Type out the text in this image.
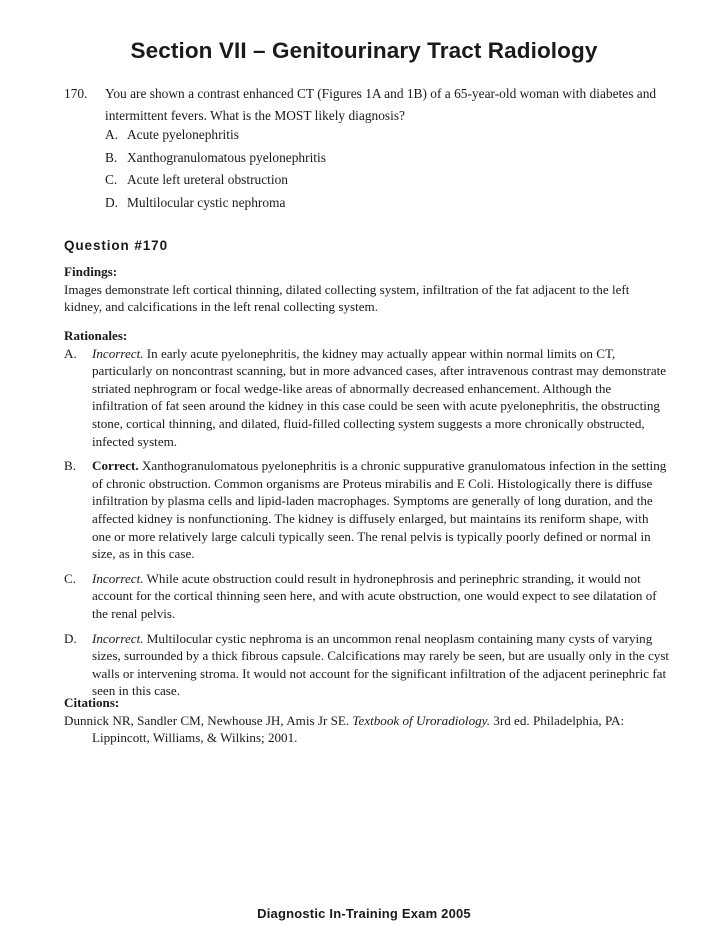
Section VII – Genitourinary Tract Radiology
170. You are shown a contrast enhanced CT (Figures 1A and 1B) of a 65-year-old woman with diabetes and intermittent fevers. What is the MOST likely diagnosis?
A. Acute pyelonephritis
B. Xanthogranulomatous pyelonephritis
C. Acute left ureteral obstruction
D. Multilocular cystic nephroma
Question #170
Findings:
Images demonstrate left cortical thinning, dilated collecting system, infiltration of the fat adjacent to the left kidney, and calcifications in the left renal collecting system.
Rationales:
A. Incorrect. In early acute pyelonephritis, the kidney may actually appear within normal limits on CT, particularly on noncontrast scanning, but in more advanced cases, after intravenous contrast may demonstrate striated nephrogram or focal wedge-like areas of abnormally decreased enhancement. Although the infiltration of fat seen around the kidney in this case could be seen with acute pyelonephritis, the obstructing stone, cortical thinning, and dilated, fluid-filled collecting system suggests a more chronically obstructed, infected system.
B. Correct. Xanthogranulomatous pyelonephritis is a chronic suppurative granulomatous infection in the setting of chronic obstruction. Common organisms are Proteus mirabilis and E Coli. Histologically there is diffuse infiltration by plasma cells and lipid-laden macrophages. Symptoms are generally of long duration, and the affected kidney is nonfunctioning. The kidney is diffusely enlarged, but maintains its reniform shape, with one or more relatively large calculi typically seen. The renal pelvis is typically poorly defined or normal in size, as in this case.
C. Incorrect. While acute obstruction could result in hydronephrosis and perinephric stranding, it would not account for the cortical thinning seen here, and with acute obstruction, one would expect to see dilatation of the renal pelvis.
D. Incorrect. Multilocular cystic nephroma is an uncommon renal neoplasm containing many cysts of varying sizes, surrounded by a thick fibrous capsule. Calcifications may rarely be seen, but are usually only in the cyst walls or intervening stroma. It would not account for the significant infiltration of the adjacent perinephric fat seen in this case.
Citations:
Dunnick NR, Sandler CM, Newhouse JH, Amis Jr SE. Textbook of Uroradiology. 3rd ed. Philadelphia, PA: Lippincott, Williams, & Wilkins; 2001.
Diagnostic In-Training Exam 2005
